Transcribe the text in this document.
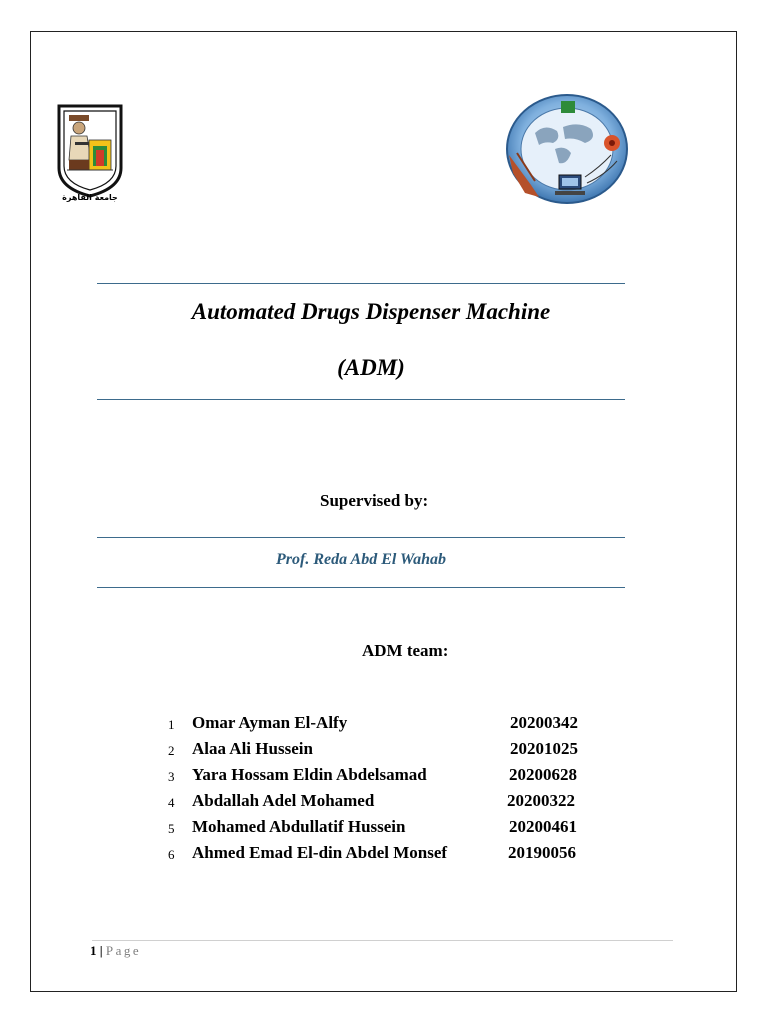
جامعة القاهرة
Automated Drugs Dispenser Machine
(ADM)
Supervised by:
Prof. Reda Abd El Wahab
ADM team:
1 Omar Ayman El-Alfy	20200342
2 Alaa Ali Hussein	20201025
3 Yara Hossam Eldin Abdelsamad	20200628
4 Abdallah Adel Mohamed	20200322
5 Mohamed Abdullatif Hussein	20200461
6 Ahmed Emad El-din Abdel Monsef	20190056
1 | Page
